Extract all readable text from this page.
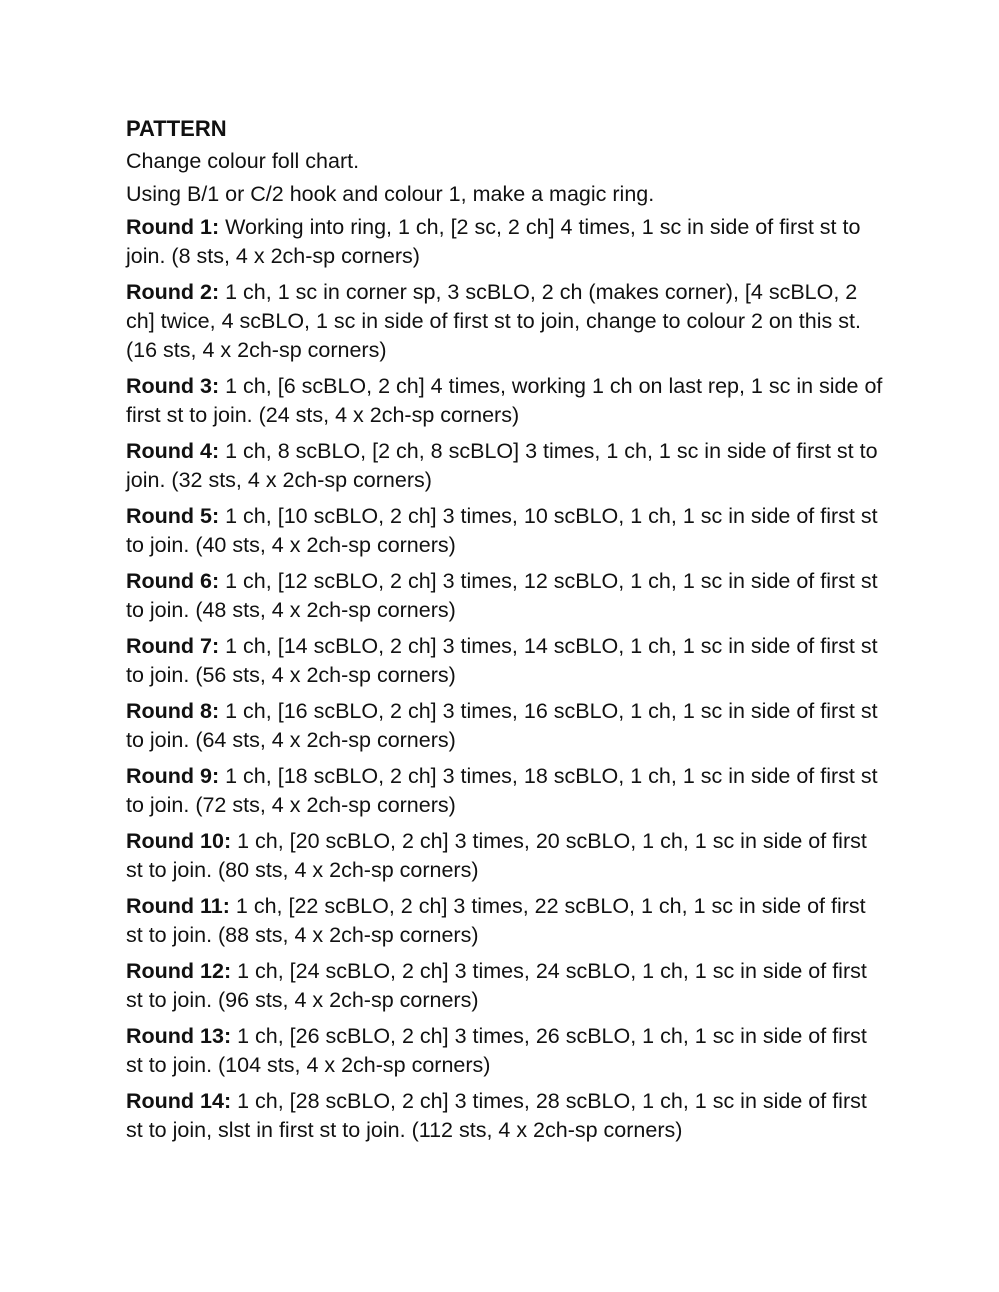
PATTERN
Change colour foll chart.
Using B/1 or C/2 hook and colour 1, make a magic ring.
Round 1: Working into ring, 1 ch, [2 sc, 2 ch] 4 times, 1 sc in side of first st to join. (8 sts, 4 x 2ch-sp corners)
Round 2: 1 ch, 1 sc in corner sp, 3 scBLO, 2 ch (makes corner), [4 scBLO, 2 ch] twice, 4 scBLO, 1 sc in side of first st to join, change to colour 2 on this st. (16 sts, 4 x 2ch-sp corners)
Round 3: 1 ch, [6 scBLO, 2 ch] 4 times, working 1 ch on last rep, 1 sc in side of first st to join. (24 sts, 4 x 2ch-sp corners)
Round 4: 1 ch, 8 scBLO, [2 ch, 8 scBLO] 3 times, 1 ch, 1 sc in side of first st to join. (32 sts, 4 x 2ch-sp corners)
Round 5: 1 ch, [10 scBLO, 2 ch] 3 times, 10 scBLO, 1 ch, 1 sc in side of first st to join. (40 sts, 4 x 2ch-sp corners)
Round 6: 1 ch, [12 scBLO, 2 ch] 3 times, 12 scBLO, 1 ch, 1 sc in side of first st to join. (48 sts, 4 x 2ch-sp corners)
Round 7: 1 ch, [14 scBLO, 2 ch] 3 times, 14 scBLO, 1 ch, 1 sc in side of first st to join. (56 sts, 4 x 2ch-sp corners)
Round 8: 1 ch, [16 scBLO, 2 ch] 3 times, 16 scBLO, 1 ch, 1 sc in side of first st to join. (64 sts, 4 x 2ch-sp corners)
Round 9: 1 ch, [18 scBLO, 2 ch] 3 times, 18 scBLO, 1 ch, 1 sc in side of first st to join. (72 sts, 4 x 2ch-sp corners)
Round 10: 1 ch, [20 scBLO, 2 ch] 3 times, 20 scBLO, 1 ch, 1 sc in side of first st to join. (80 sts, 4 x 2ch-sp corners)
Round 11: 1 ch, [22 scBLO, 2 ch] 3 times, 22 scBLO, 1 ch, 1 sc in side of first st to join. (88 sts, 4 x 2ch-sp corners)
Round 12: 1 ch, [24 scBLO, 2 ch] 3 times, 24 scBLO, 1 ch, 1 sc in side of first st to join. (96 sts, 4 x 2ch-sp corners)
Round 13: 1 ch, [26 scBLO, 2 ch] 3 times, 26 scBLO, 1 ch, 1 sc in side of first st to join. (104 sts, 4 x 2ch-sp corners)
Round 14: 1 ch, [28 scBLO, 2 ch] 3 times, 28 scBLO, 1 ch, 1 sc in side of first st to join, slst in first st to join. (112 sts, 4 x 2ch-sp corners)
